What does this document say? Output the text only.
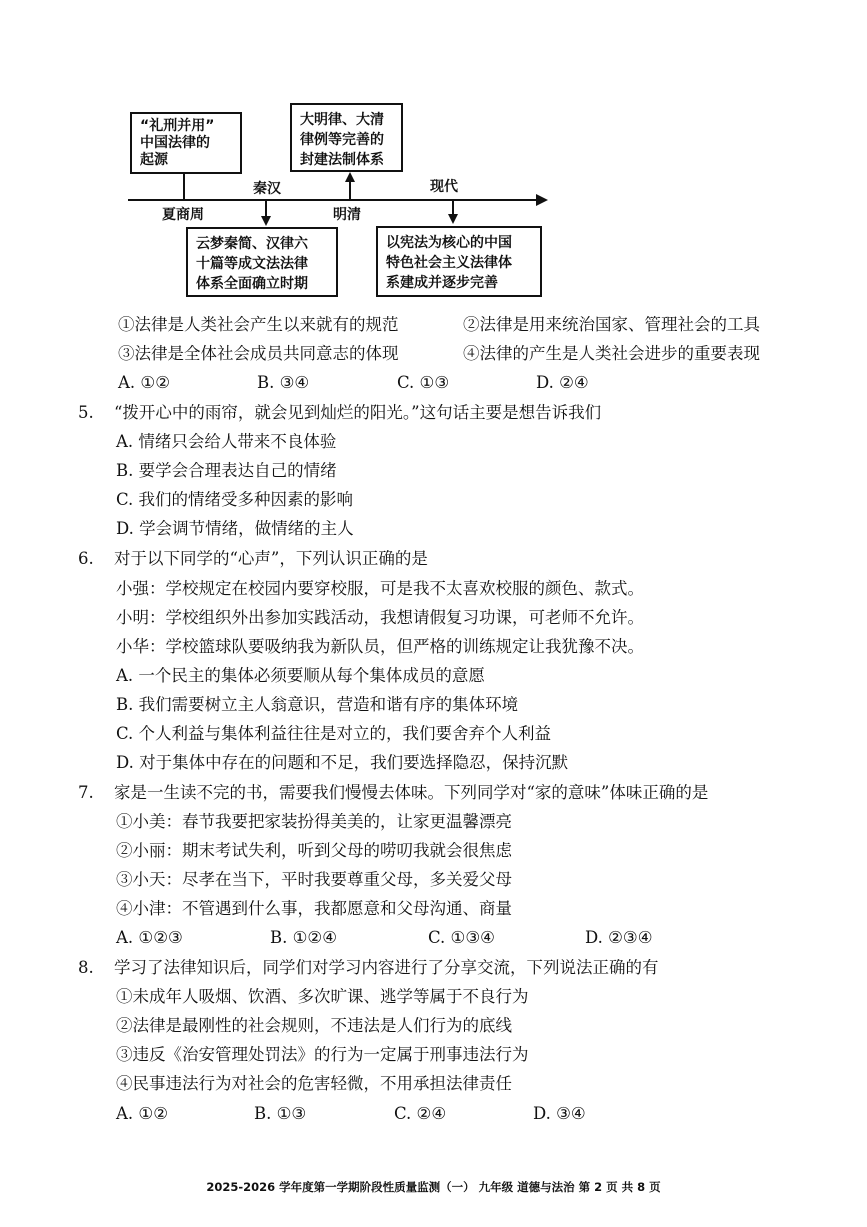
“礼刑并用”
中国法律的
起源
大明律、大清
律例等完善的
封建法制体系
云梦秦简、汉律六
十篇等成文法法律
体系全面确立时期
以宪法为核心的中国
特色社会主义法律体
系建成并逐步完善
夏商周
秦汉
明清
现代
①法律是人类社会产生以来就有的规范	②法律是用来统治国家、管理社会的工具
③法律是全体社会成员共同意志的体现	④法律的产生是人类社会进步的重要表现
A. ①②	B. ③④	C. ①③	D. ②④
5. “拨开心中的雨帘，就会见到灿烂的阳光。”这句话主要是想告诉我们
A. 情绪只会给人带来不良体验
B. 要学会合理表达自己的情绪
C. 我们的情绪受多种因素的影响
D. 学会调节情绪，做情绪的主人
6. 对于以下同学的“心声”，下列认识正确的是
小强：学校规定在校园内要穿校服，可是我不太喜欢校服的颜色、款式。
小明：学校组织外出参加实践活动，我想请假复习功课，可老师不允许。
小华：学校篮球队要吸纳我为新队员，但严格的训练规定让我犹豫不决。
A. 一个民主的集体必须要顺从每个集体成员的意愿
B. 我们需要树立主人翁意识，营造和谐有序的集体环境
C. 个人利益与集体利益往往是对立的，我们要舍弃个人利益
D. 对于集体中存在的问题和不足，我们要选择隐忍，保持沉默
7. 家是一生读不完的书，需要我们慢慢去体味。下列同学对“家的意味”体味正确的是
①小美：春节我要把家装扮得美美的，让家更温馨漂亮
②小丽：期末考试失利，听到父母的唠叨我就会很焦虑
③小天：尽孝在当下，平时我要尊重父母，多关爱父母
④小津：不管遇到什么事，我都愿意和父母沟通、商量
A. ①②③	B. ①②④	C. ①③④	D. ②③④
8. 学习了法律知识后，同学们对学习内容进行了分享交流，下列说法正确的有
①未成年人吸烟、饮酒、多次旷课、逃学等属于不良行为
②法律是最刚性的社会规则，不违法是人们行为的底线
③违反《治安管理处罚法》的行为一定属于刑事违法行为
④民事违法行为对社会的危害轻微，不用承担法律责任
A. ①②	B. ①③	C. ②④	D. ③④
2025-2026 学年度第一学期阶段性质量监测（一） 九年级 道德与法治 第 2 页 共 8 页
